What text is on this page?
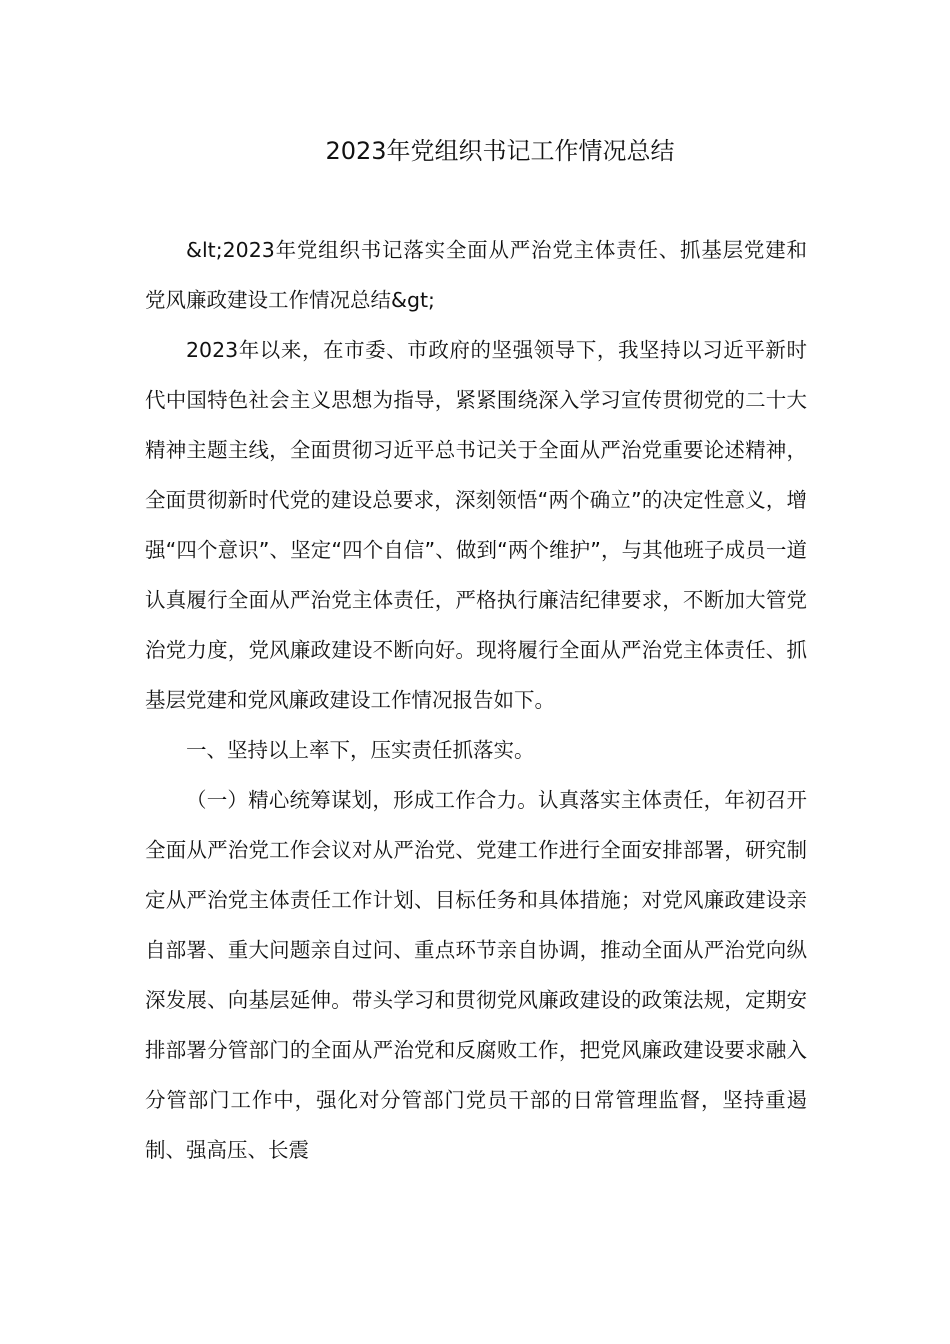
2023年党组织书记工作情况总结

&lt;2023年党组织书记落实全面从严治党主体责任、抓基层党建和党风廉政建设工作情况总结&gt;

2023年以来，在市委、市政府的坚强领导下，我坚持以习近平新时代中国特色社会主义思想为指导，紧紧围绕深入学习宣传贯彻党的二十大精神主题主线，全面贯彻习近平总书记关于全面从严治党重要论述精神，全面贯彻新时代党的建设总要求，深刻领悟“两个确立”的决定性意义，增强“四个意识”、坚定“四个自信”、做到“两个维护”，与其他班子成员一道认真履行全面从严治党主体责任，严格执行廉洁纪律要求，不断加大管党治党力度，党风廉政建设不断向好。现将履行全面从严治党主体责任、抓基层党建和党风廉政建设工作情况报告如下。

一、坚持以上率下，压实责任抓落实。

（一）精心统筹谋划，形成工作合力。认真落实主体责任，年初召开全面从严治党工作会议对从严治党、党建工作进行全面安排部署，研究制定从严治党主体责任工作计划、目标任务和具体措施；对党风廉政建设亲自部署、重大问题亲自过问、重点环节亲自协调，推动全面从严治党向纵深发展、向基层延伸。带头学习和贯彻党风廉政建设的政策法规，定期安排部署分管部门的全面从严治党和反腐败工作，把党风廉政建设要求融入分管部门工作中，强化对分管部门党员干部的日常管理监督，坚持重遏制、强高压、长震
